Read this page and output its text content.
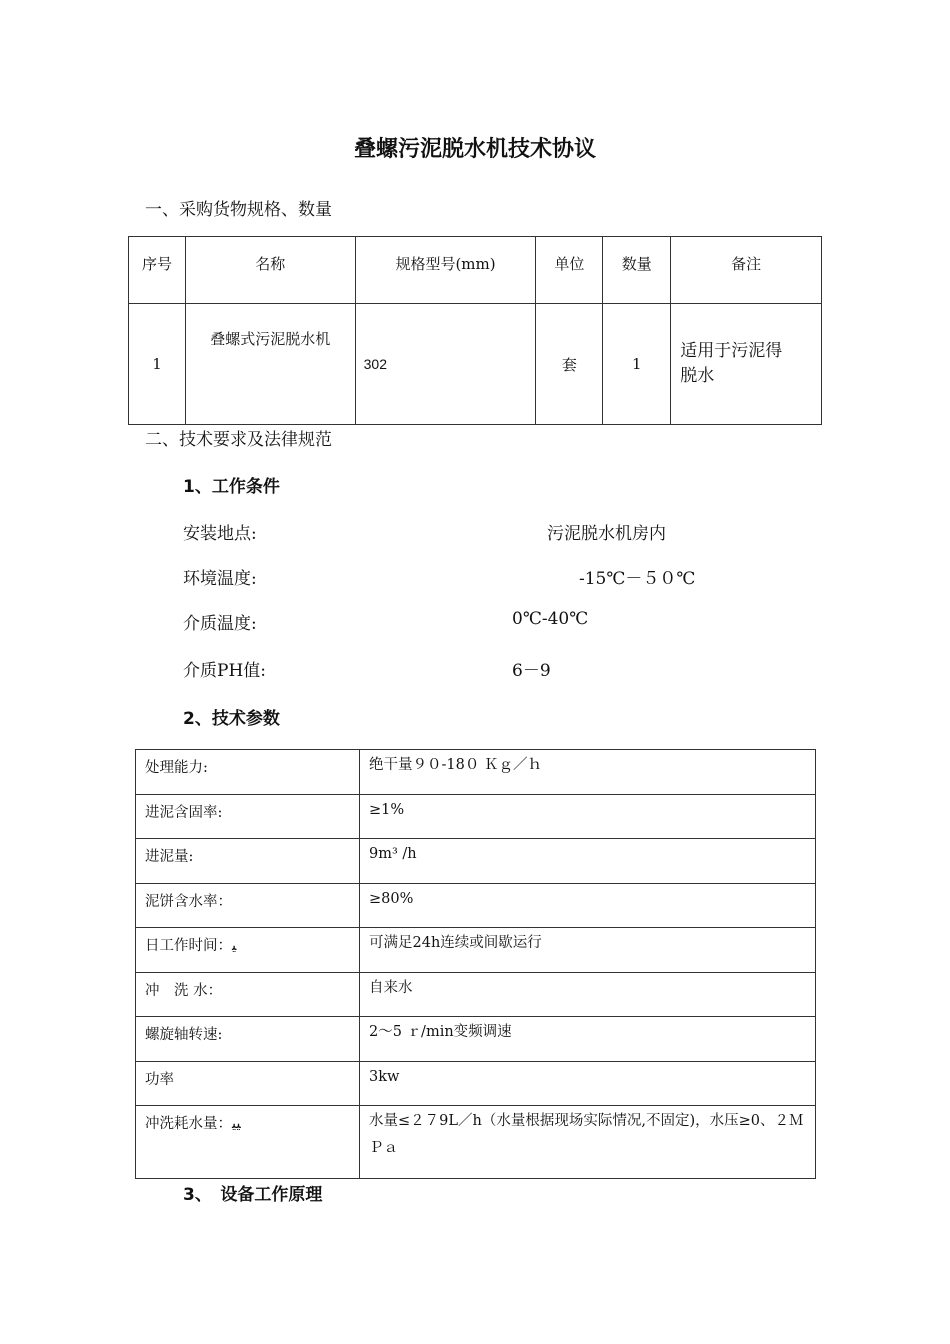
叠螺污泥脱水机技术协议
一、采购货物规格、数量
序号	名称	规格型号(mm)	单位	数量	备注
1	叠螺式污泥脱水机	302	套	1	适用于污泥得
脱水
二、技术要求及法律规范
1、工作条件
安装地点:	污泥脱水机房内
环境温度:	-15℃－５０℃
介质温度:	0℃-40℃
介质PH值:	6－9
2、技术参数
处理能力:	绝干量９０-18０ Ｋｇ／ｈ
进泥含固率:	≥1%
进泥量:	9m³ /h
泥饼含水率：	≥80%
日工作时间：ﯿ	可满足24h连续或间歇运行
冲　洗 水：	自来水
螺旋轴转速:	2～5 ｒ/min变频调速
功率	3kw
冲洗耗水量：ﯿﯿ	水量≤２７9L／h（水量根据现场实际情况,不固定)，水压≥0、２ＭＰａ
3、　设备工作原理
